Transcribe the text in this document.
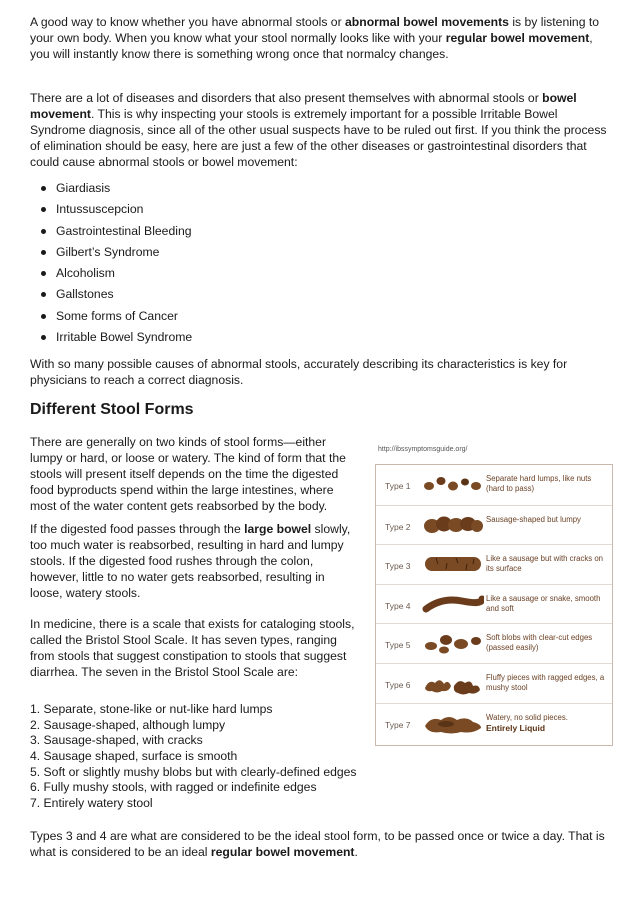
A good way to know whether you have abnormal stools or abnormal bowel movements is by listening to your own body. When you know what your stool normally looks like with your regular bowel movement, you will instantly know there is something wrong once that normalcy changes.

There are a lot of diseases and disorders that also present themselves with abnormal stools or bowel movement. This is why inspecting your stools is extremely important for a possible Irritable Bowel Syndrome diagnosis, since all of the other usual suspects have to be ruled out first. If you think the process of elimination should be easy, here are just a few of the other diseases or gastrointestinal disorders that could cause abnormal stools or bowel movement:

Giardiasis
Intussuscepcion
Gastrointestinal Bleeding
Gilbert’s Syndrome
Alcoholism
Gallstones
Some forms of Cancer
Irritable Bowel Syndrome

With so many possible causes of abnormal stools, accurately describing its characteristics is key for physicians to reach a correct diagnosis.

Different Stool Forms

There are generally on two kinds of stool forms—either lumpy or hard, or loose or watery. The kind of form that the stools will present itself depends on the time the digested food byproducts spend within the large intestines, where most of the water content gets reabsorbed by the body.

If the digested food passes through the large bowel slowly, too much water is reabsorbed, resulting in hard and lumpy stools. If the digested food rushes through the colon, however, little to no water gets reabsorbed, resulting in loose, watery stools.

In medicine, there is a scale that exists for cataloging stools, called the Bristol Stool Scale. It has seven types, ranging from stools that suggest constipation to stools that suggest diarrhea. The seven in the Bristol Stool Scale are:

1. Separate, stone-like or nut-like hard lumps
2. Sausage-shaped, although lumpy
3. Sausage-shaped, with cracks
4. Sausage shaped, surface is smooth
5. Soft or slightly mushy blobs but with clearly-defined edges
6. Fully mushy stools, with ragged or indefinite edges
7. Entirely watery stool

Types 3 and 4 are what are considered to be the ideal stool form, to be passed once or twice a day. That is what is considered to be an ideal regular bowel movement.

http://ibssymptomsguide.org/
Type 1
Separate hard lumps, like nuts (hard to pass)
Type 2
Sausage-shaped but lumpy
Type 3
Like a sausage but with cracks on its surface
Type 4
Like a sausage or snake, smooth and soft
Type 5
Soft blobs with clear-cut edges (passed easily)
Type 6
Fluffy pieces with ragged edges, a mushy stool
Type 7
Watery, no solid pieces.
Entirely Liquid
